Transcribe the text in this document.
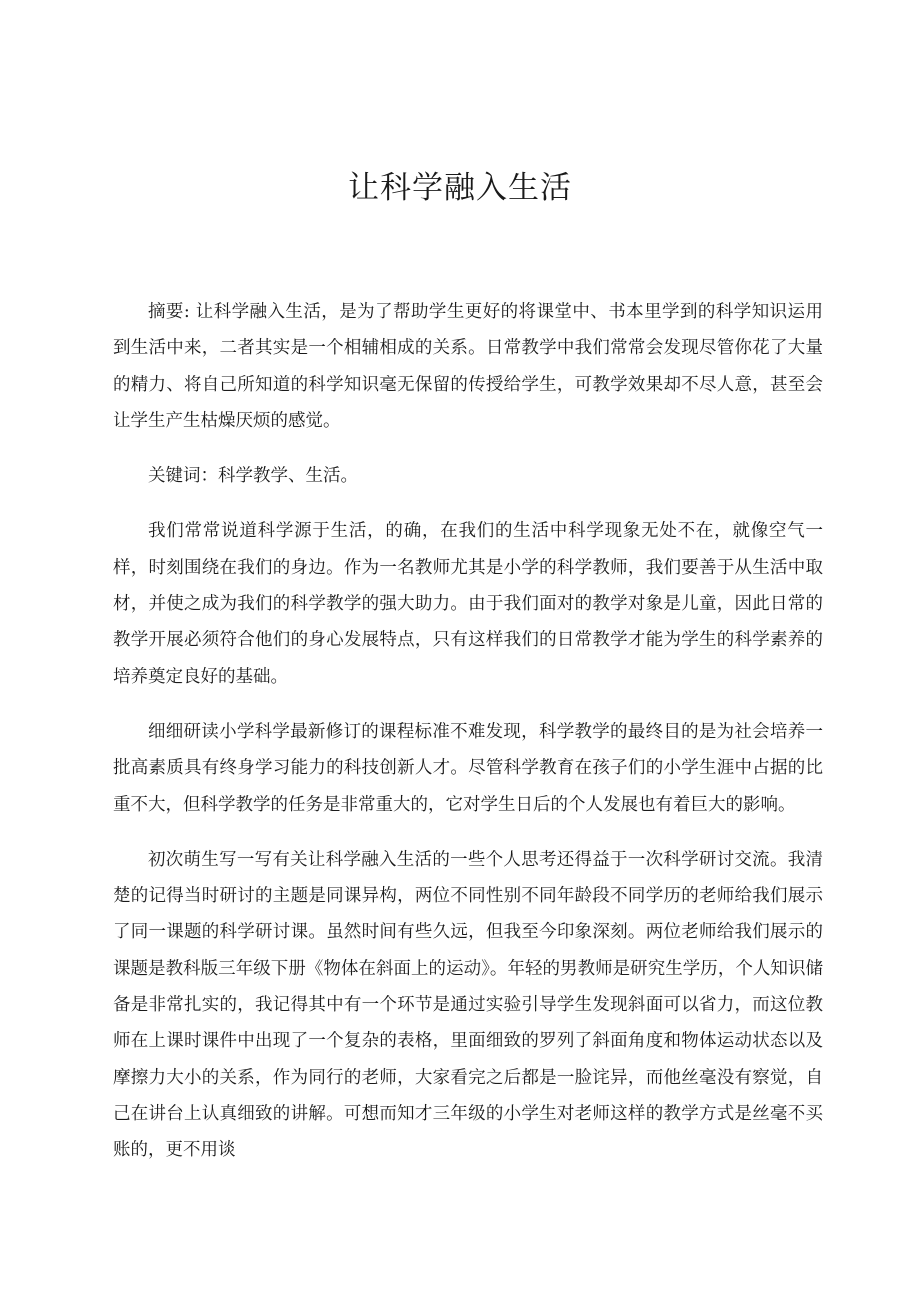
让科学融入生活

摘要: 让科学融入生活，是为了帮助学生更好的将课堂中、书本里学到的科学知识运用到生活中来，二者其实是一个相辅相成的关系。日常教学中我们常常会发现尽管你花了大量的精力、将自己所知道的科学知识毫无保留的传授给学生，可教学效果却不尽人意，甚至会让学生产生枯燥厌烦的感觉。

关键词：科学教学、生活。

我们常常说道科学源于生活，的确，在我们的生活中科学现象无处不在，就像空气一样，时刻围绕在我们的身边。作为一名教师尤其是小学的科学教师，我们要善于从生活中取材，并使之成为我们的科学教学的强大助力。由于我们面对的教学对象是儿童，因此日常的教学开展必须符合他们的身心发展特点，只有这样我们的日常教学才能为学生的科学素养的培养奠定良好的基础。

细细研读小学科学最新修订的课程标准不难发现，科学教学的最终目的是为社会培养一批高素质具有终身学习能力的科技创新人才。尽管科学教育在孩子们的小学生涯中占据的比重不大，但科学教学的任务是非常重大的，它对学生日后的个人发展也有着巨大的影响。

初次萌生写一写有关让科学融入生活的一些个人思考还得益于一次科学研讨交流。我清楚的记得当时研讨的主题是同课异构，两位不同性别不同年龄段不同学历的老师给我们展示了同一课题的科学研讨课。虽然时间有些久远，但我至今印象深刻。两位老师给我们展示的课题是教科版三年级下册《物体在斜面上的运动》。年轻的男教师是研究生学历，个人知识储备是非常扎实的，我记得其中有一个环节是通过实验引导学生发现斜面可以省力，而这位教师在上课时课件中出现了一个复杂的表格，里面细致的罗列了斜面角度和物体运动状态以及摩擦力大小的关系，作为同行的老师，大家看完之后都是一脸诧异，而他丝毫没有察觉，自己在讲台上认真细致的讲解。可想而知才三年级的小学生对老师这样的教学方式是丝毫不买账的，更不用谈
